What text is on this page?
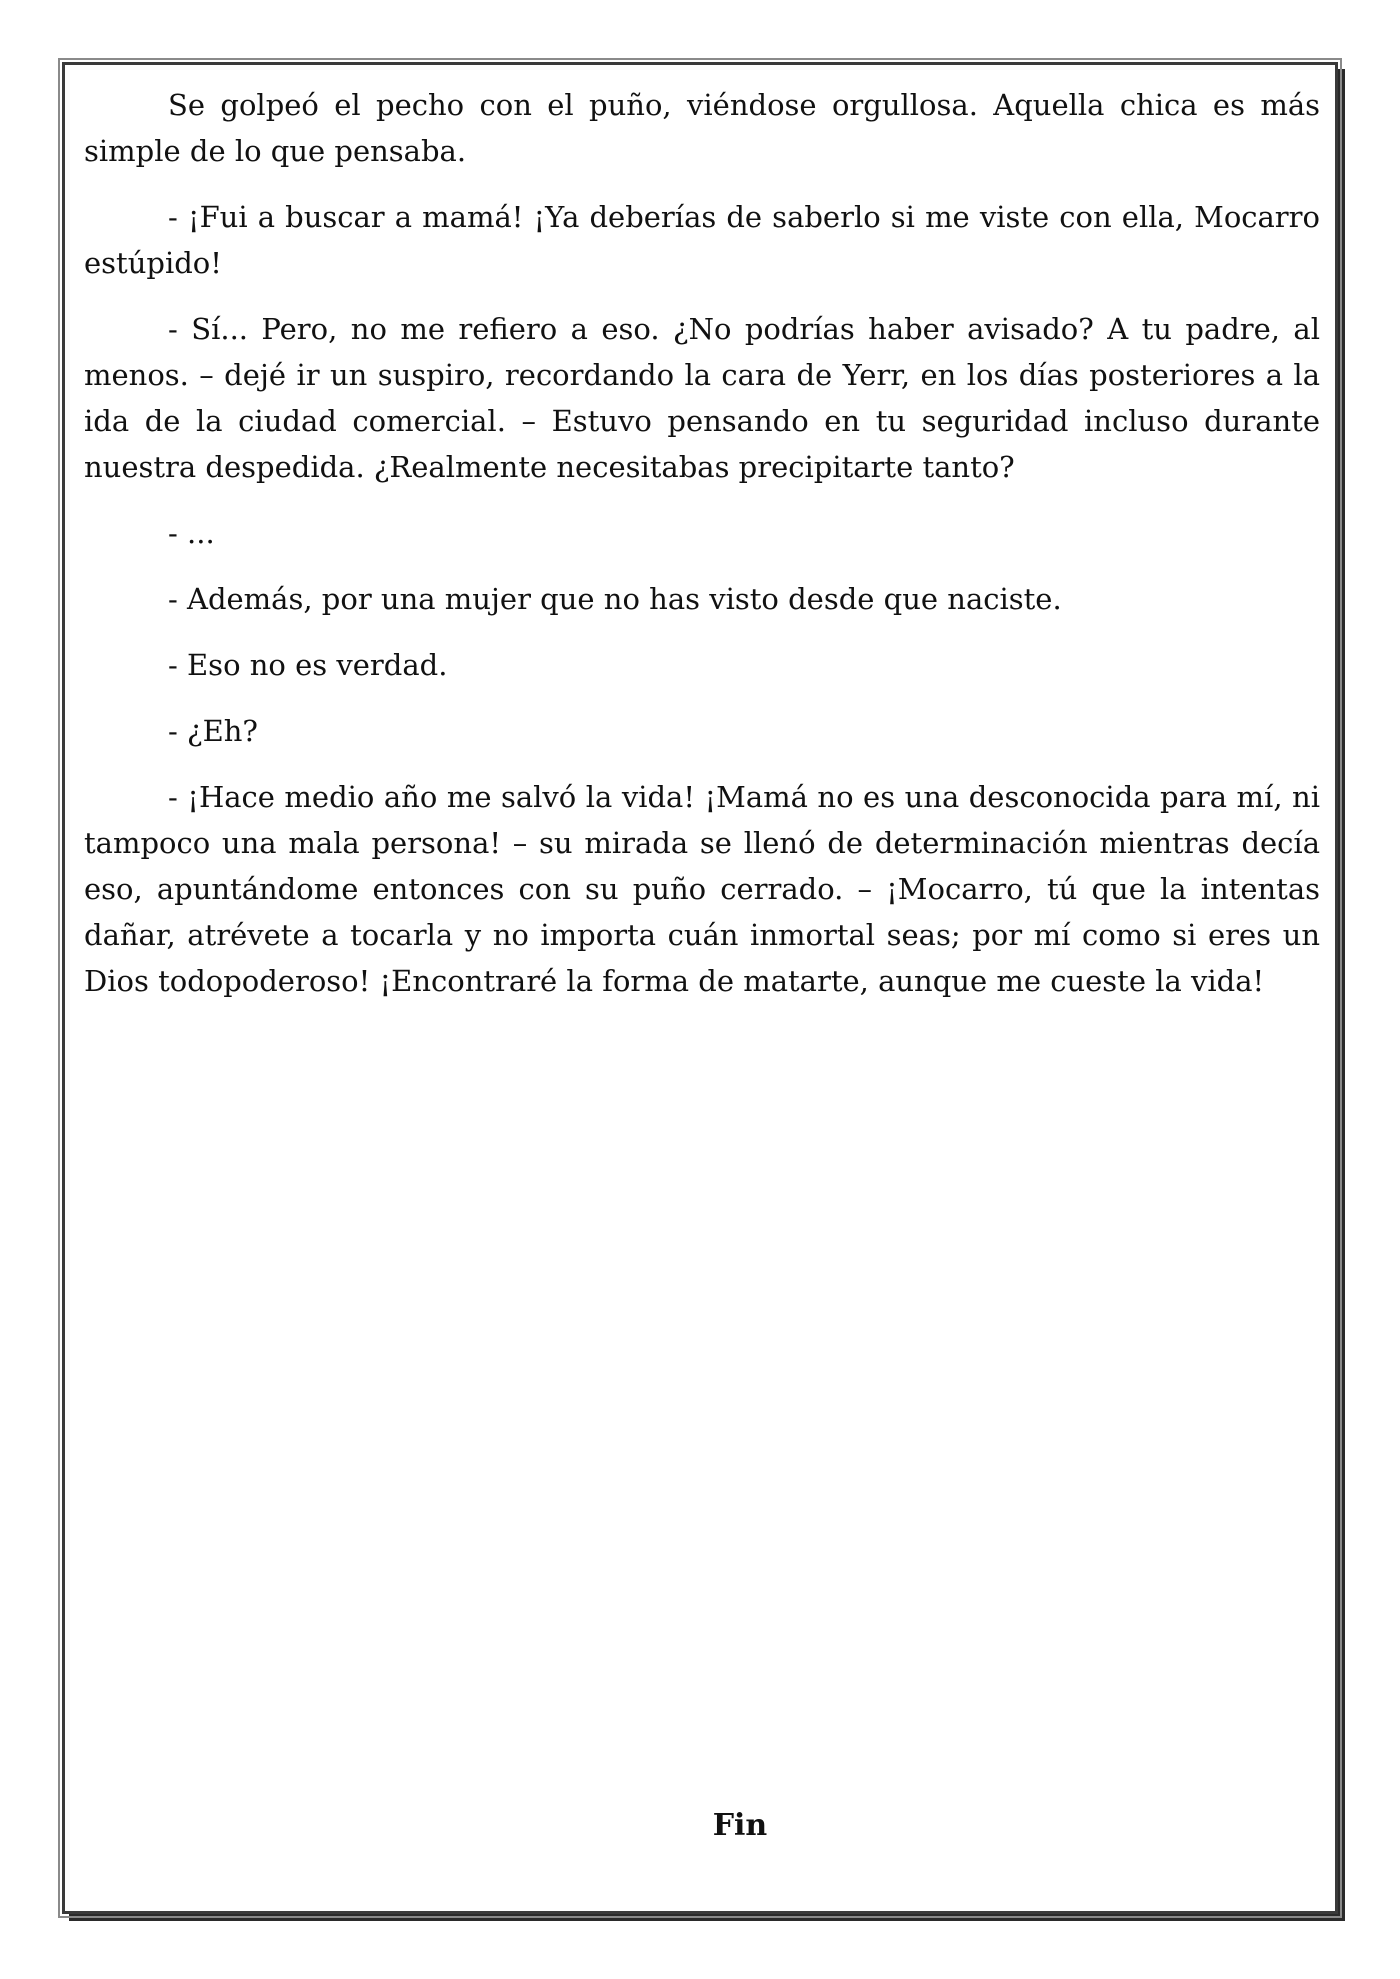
Se golpeó el pecho con el puño, viéndose orgullosa. Aquella chica es más simple de lo que pensaba.

- ¡Fui a buscar a mamá! ¡Ya deberías de saberlo si me viste con ella, Mocarro estúpido!

- Sí... Pero, no me refiero a eso. ¿No podrías haber avisado? A tu padre, al menos. – dejé ir un suspiro, recordando la cara de Yerr, en los días posteriores a la ida de la ciudad comercial. – Estuvo pensando en tu seguridad incluso durante nuestra despedida. ¿Realmente necesitabas precipitarte tanto?

- ...

- Además, por una mujer que no has visto desde que naciste.

- Eso no es verdad.

- ¿Eh?

- ¡Hace medio año me salvó la vida! ¡Mamá no es una desconocida para mí, ni tampoco una mala persona! – su mirada se llenó de determinación mientras decía eso, apuntándome entonces con su puño cerrado. – ¡Mocarro, tú que la intentas dañar, atrévete a tocarla y no importa cuán inmortal seas; por mí como si eres un Dios todopoderoso! ¡Encontraré la forma de matarte, aunque me cueste la vida!

Fin
